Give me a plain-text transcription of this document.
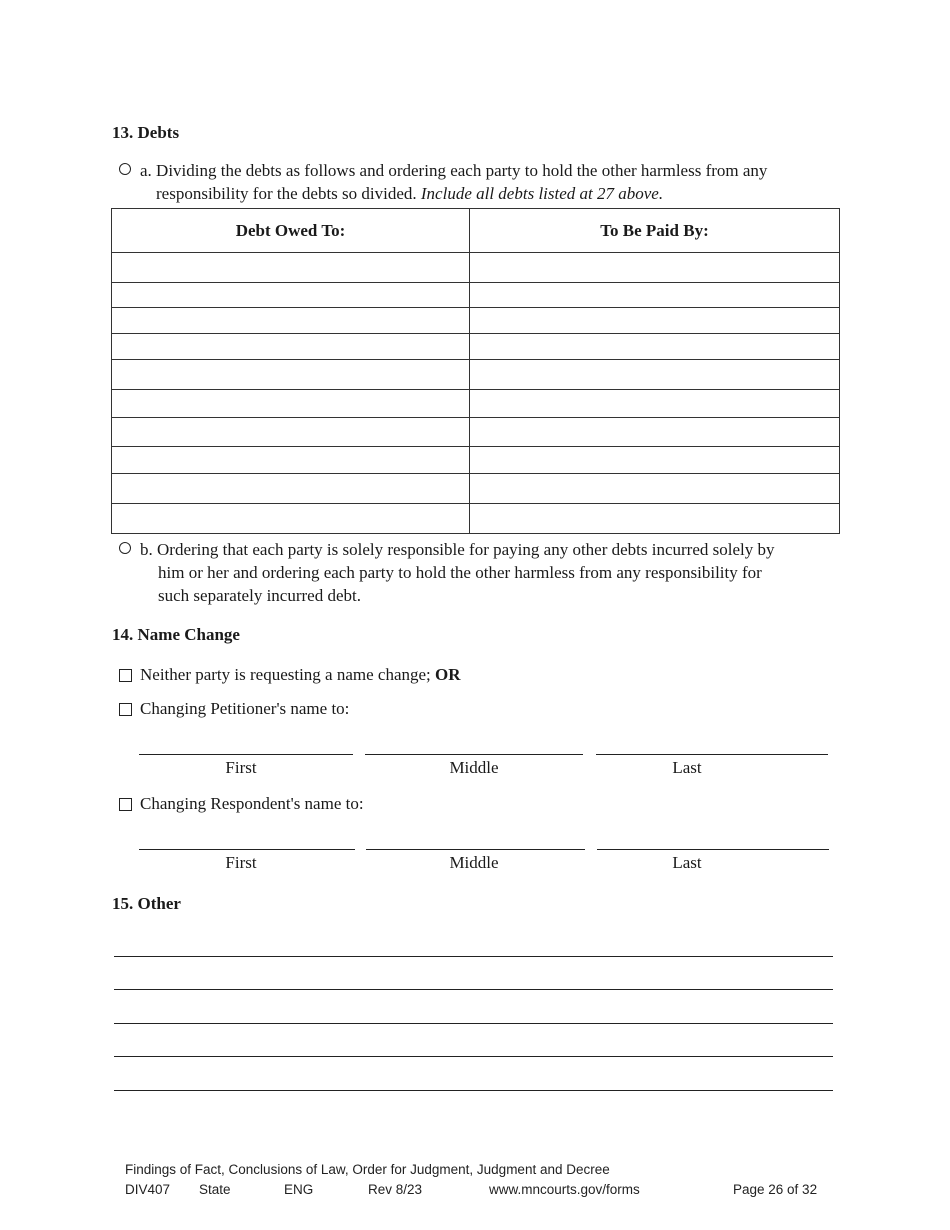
13. Debts
a. Dividing the debts as follows and ordering each party to hold the other harmless from any
responsibility for the debts so divided. Include all debts listed at 27 above.
Debt Owed To:	To Be Paid By:

b. Ordering that each party is solely responsible for paying any other debts incurred solely by
him or her and ordering each party to hold the other harmless from any responsibility for
such separately incurred debt.
14. Name Change
Neither party is requesting a name change; OR
Changing Petitioner's name to:
First	Middle	Last
Changing Respondent's name to:
First	Middle	Last
15. Other
Findings of Fact, Conclusions of Law, Order for Judgment, Judgment and Decree
DIV407 State	ENG	Rev 8/23	www.mncourts.gov/forms	Page 26 of 32
